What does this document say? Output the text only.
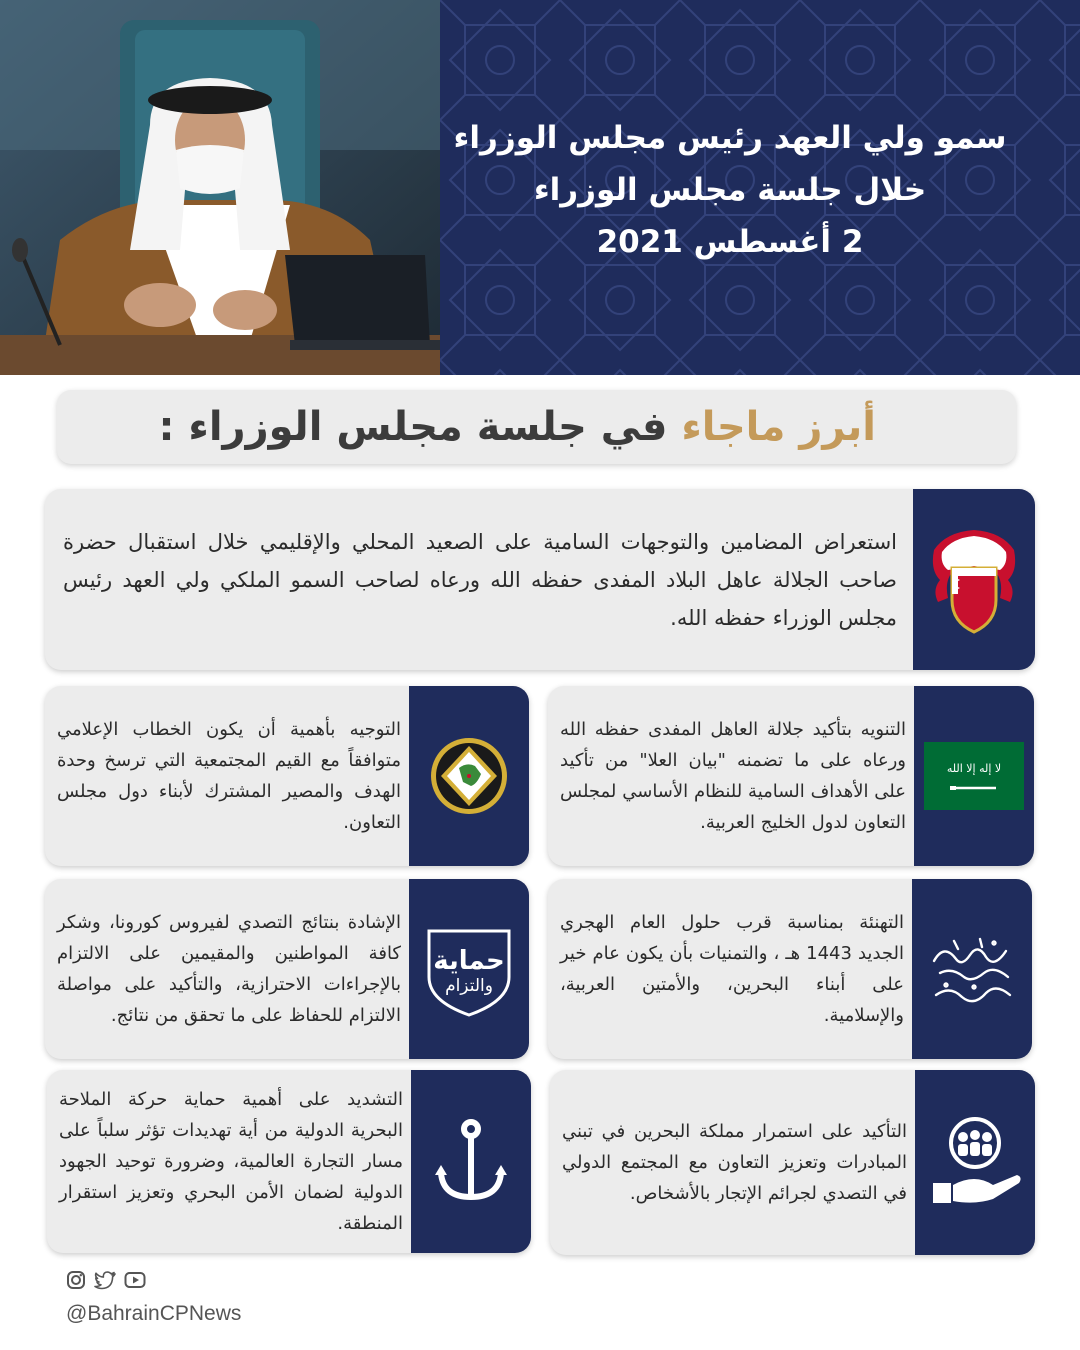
سمو ولي العهد رئيس مجلس الوزراء
خلال جلسة مجلس الوزراء
2 أغسطس 2021
أبرز ماجاء في جلسة مجلس الوزراء :
استعراض المضامين والتوجهات السامية على الصعيد المحلي والإقليمي خلال استقبال حضرة صاحب الجلالة عاهل البلاد المفدى حفظه الله ورعاه لصاحب السمو الملكي ولي العهد رئيس مجلس الوزراء حفظه الله.
لا إله إلا الله
التنويه بتأكيد جلالة العاهل المفدى حفظه الله ورعاه على ما تضمنه "بيان العلا" من تأكيد على الأهداف السامية للنظام الأساسي لمجلس التعاون لدول الخليج العربية.
التوجيه بأهمية أن يكون الخطاب الإعلامي متوافقاً مع القيم المجتمعية التي ترسخ وحدة الهدف والمصير المشترك لأبناء دول مجلس التعاون.
التهنئة بمناسبة قرب حلول العام الهجري الجديد 1443 هـ ، والتمنيات بأن يكون عام خير على أبناء البحرين، والأمتين العربية، والإسلامية.
حماية
والتزام
الإشادة بنتائج التصدي لفيروس كورونا، وشكر كافة المواطنين والمقيمين على الالتزام بالإجراءات الاحترازية، والتأكيد على مواصلة الالتزام للحفاظ على ما تحقق من نتائج.
التأكيد على استمرار مملكة البحرين في تبني المبادرات وتعزيز التعاون مع المجتمع الدولي في التصدي لجرائم الإتجار بالأشخاص.
التشديد على أهمية حماية حركة الملاحة البحرية الدولية من أية تهديدات تؤثر سلباً على مسار التجارة العالمية، وضرورة توحيد الجهود الدولية لضمان الأمن البحري وتعزيز استقرار المنطقة.
@BahrainCPNews
